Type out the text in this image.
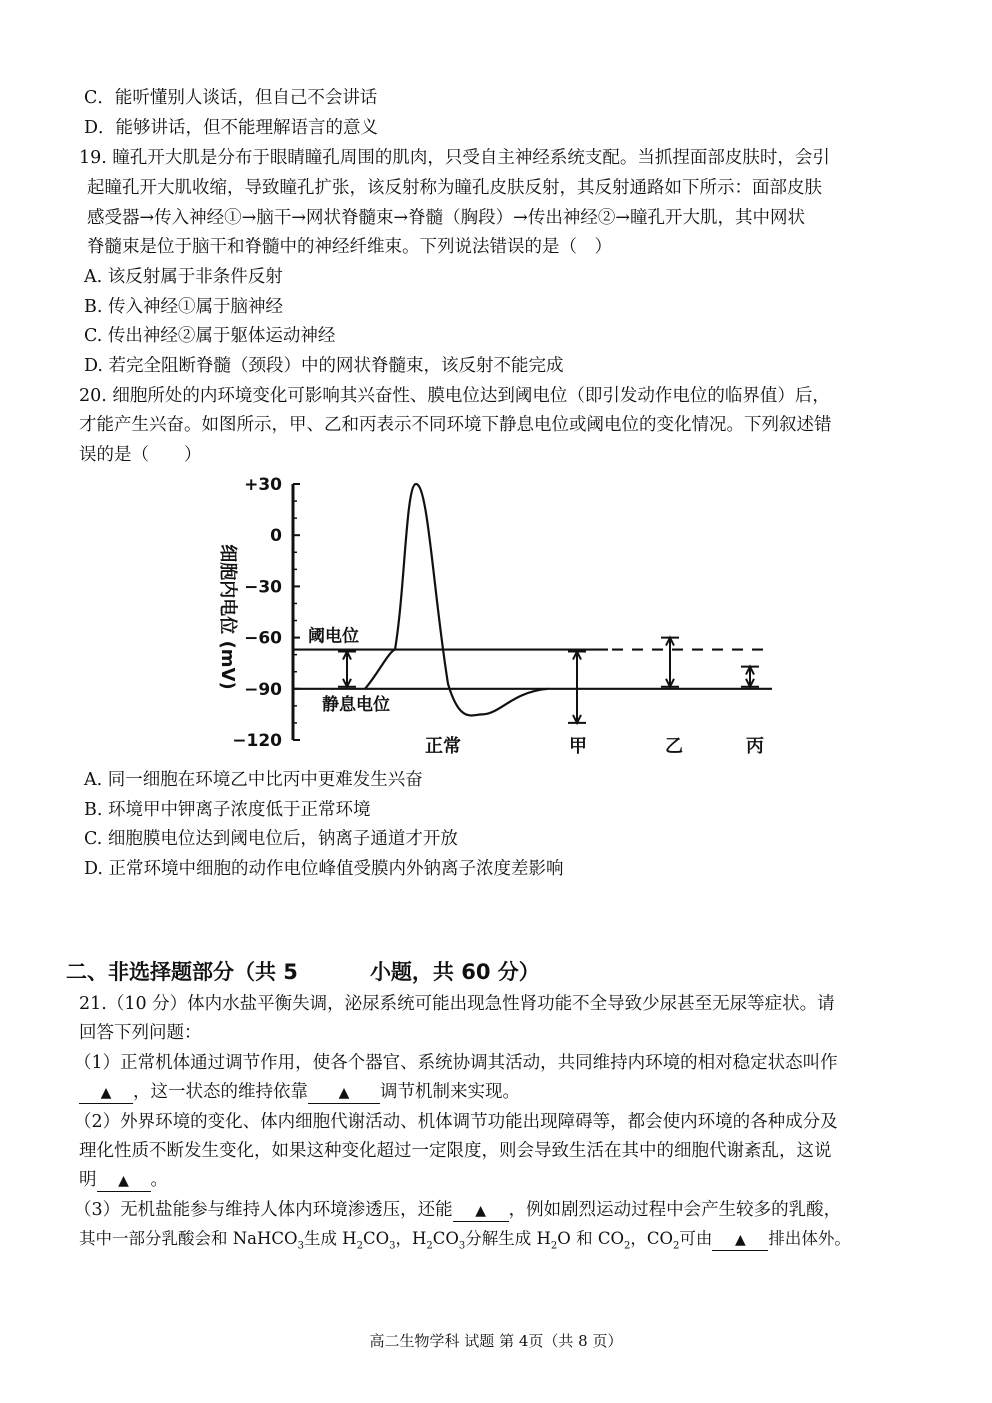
C．能听懂别人谈话，但自己不会讲话
D．能够讲话，但不能理解语言的意义
19. 瞳孔开大肌是分布于眼睛瞳孔周围的肌肉，只受自主神经系统支配。当抓捏面部皮肤时，会引
起瞳孔开大肌收缩，导致瞳孔扩张，该反射称为瞳孔皮肤反射，其反射通路如下所示：面部皮肤
感受器→传入神经①→脑干→网状脊髓束→脊髓（胸段）→传出神经②→瞳孔开大肌，其中网状
脊髓束是位于脑干和脊髓中的神经纤维束。下列说法错误的是（　）
A. 该反射属于非条件反射
B. 传入神经①属于脑神经
C. 传出神经②属于躯体运动神经
D. 若完全阻断脊髓（颈段）中的网状脊髓束，该反射不能完成
20. 细胞所处的内环境变化可影响其兴奋性、膜电位达到阈电位（即引发动作电位的临界值）后，
才能产生兴奋。如图所示，甲、乙和丙表示不同环境下静息电位或阈电位的变化情况。下列叙述错
误的是（　　）
+30
0
−30
−60
−90
−120
细胞内电位 (mV)	阈电位
静息电位
正常	甲	乙	丙
A. 同一细胞在环境乙中比丙中更难发生兴奋
B. 环境甲中钾离子浓度低于正常环境
C. 细胞膜电位达到阈电位后，钠离子通道才开放
D. 正常环境中细胞的动作电位峰值受膜内外钠离子浓度差影响
二、非选择题部分（共 5	小题，共 60 分）
21.（10 分）体内水盐平衡失调，泌尿系统可能出现急性肾功能不全导致少尿甚至无尿等症状。请
回答下列问题：
（1）正常机体通过调节作用，使各个器官、系统协调其活动，共同维持内环境的相对稳定状态叫作
▲ ，这一状态的维持依靠 ▲ 调节机制来实现。
（2）外界环境的变化、体内细胞代谢活动、机体调节功能出现障碍等，都会使内环境的各种成分及
理化性质不断发生变化，如果这种变化超过一定限度，则会导致生活在其中的细胞代谢紊乱，这说
明 ▲ 。
（3）无机盐能参与维持人体内环境渗透压，还能 ▲ ，例如剧烈运动过程中会产生较多的乳酸，
其中一部分乳酸会和 NaHCO$_3$生成 $H_2CO_3$，$H_2CO_3$分解生成 $H_2O$ 和 $CO_2$，$CO_2$可由 ▲ 排出体外。
高二生物学科 试题 第 4页（共 8 页）
